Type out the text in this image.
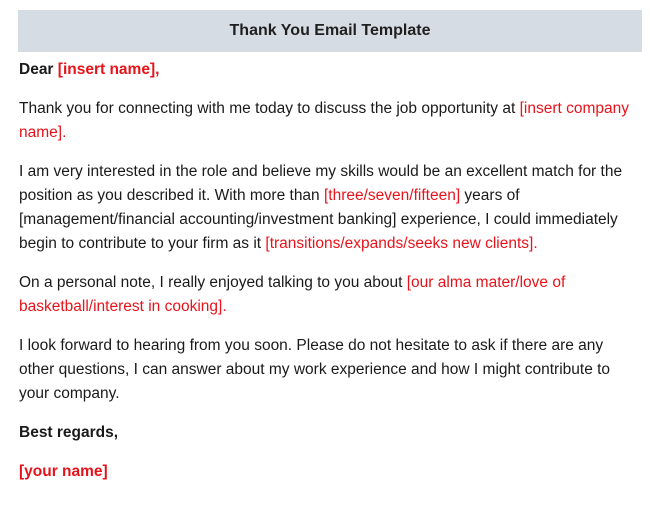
Thank You Email Template

Dear [insert name],

Thank you for connecting with me today to discuss the job opportunity at [insert company name].

I am very interested in the role and believe my skills would be an excellent match for the position as you described it. With more than [three/seven/fifteen] years of [management/financial accounting/investment banking] experience, I could immediately begin to contribute to your firm as it [transitions/expands/seeks new clients].

On a personal note, I really enjoyed talking to you about [our alma mater/love of basketball/interest in cooking].

I look forward to hearing from you soon. Please do not hesitate to ask if there are any other questions, I can answer about my work experience and how I might contribute to your company.

Best regards,

[your name]
